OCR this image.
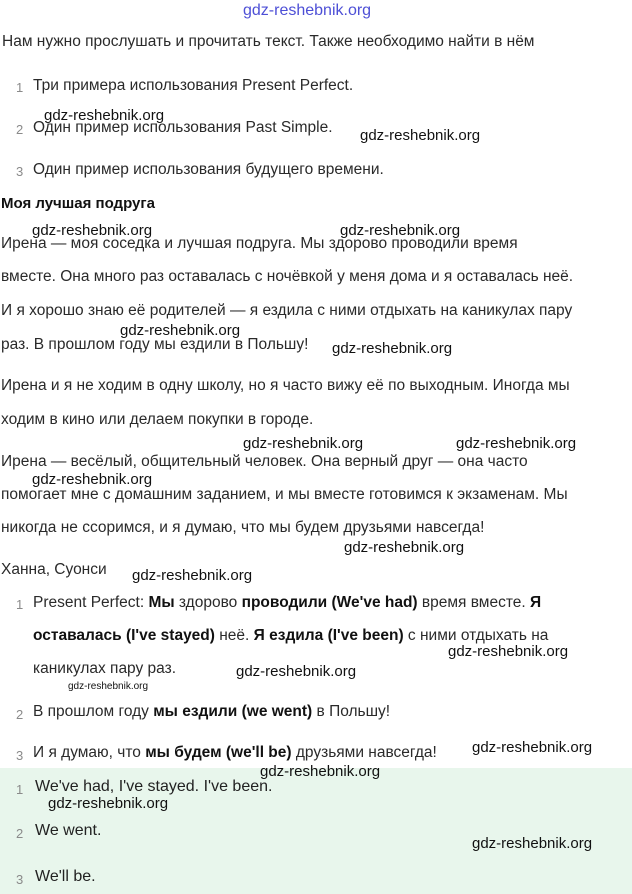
gdz-reshebnik.org
Нам нужно прослушать и прочитать текст. Также необходимо найти в нём
1 Три примера использования Present Perfect.
2 Один пример использования Past Simple.
3 Один пример использования будущего времени.
Моя лучшая подруга
Ирена — моя соседка и лучшая подруга. Мы здорово проводили время
вместе. Она много раз оставалась с ночёвкой у меня дома и я оставалась неё.
И я хорошо знаю её родителей — я ездила с ними отдыхать на каникулах пару
раз. В прошлом году мы ездили в Польшу!
Ирена и я не ходим в одну школу, но я часто вижу её по выходным. Иногда мы
ходим в кино или делаем покупки в городе.
Ирена — весёлый, общительный человек. Она верный друг — она часто
помогает мне с домашним заданием, и мы вместе готовимся к экзаменам. Мы
никогда не ссоримся, и я думаю, что мы будем друзьями навсегда!
Ханна, Суонси
1 Present Perfect: Мы здорово проводили (We've had) время вместе. Я
оставалась (I've stayed) неё. Я ездила (I've been) с ними отдыхать на
каникулах пару раз.
2 В прошлом году мы ездили (we went) в Польшу!
3 И я думаю, что мы будем (we'll be) друзьями навсегда!
1 We've had, I've stayed. I've been.
2 We went.
3 We'll be.
gdz-reshebnik.org
gdz-reshebnik.org
gdz-reshebnik.org	gdz-reshebnik.org
gdz-reshebnik.org
gdz-reshebnik.org
gdz-reshebnik.org	gdz-reshebnik.org
gdz-reshebnik.org
gdz-reshebnik.org
gdz-reshebnik.org
gdz-reshebnik.org
gdz-reshebnik.org
gdz-reshebnik.org
gdz-reshebnik.org
gdz-reshebnik.org
gdz-reshebnik.org
gdz-reshebnik.org
